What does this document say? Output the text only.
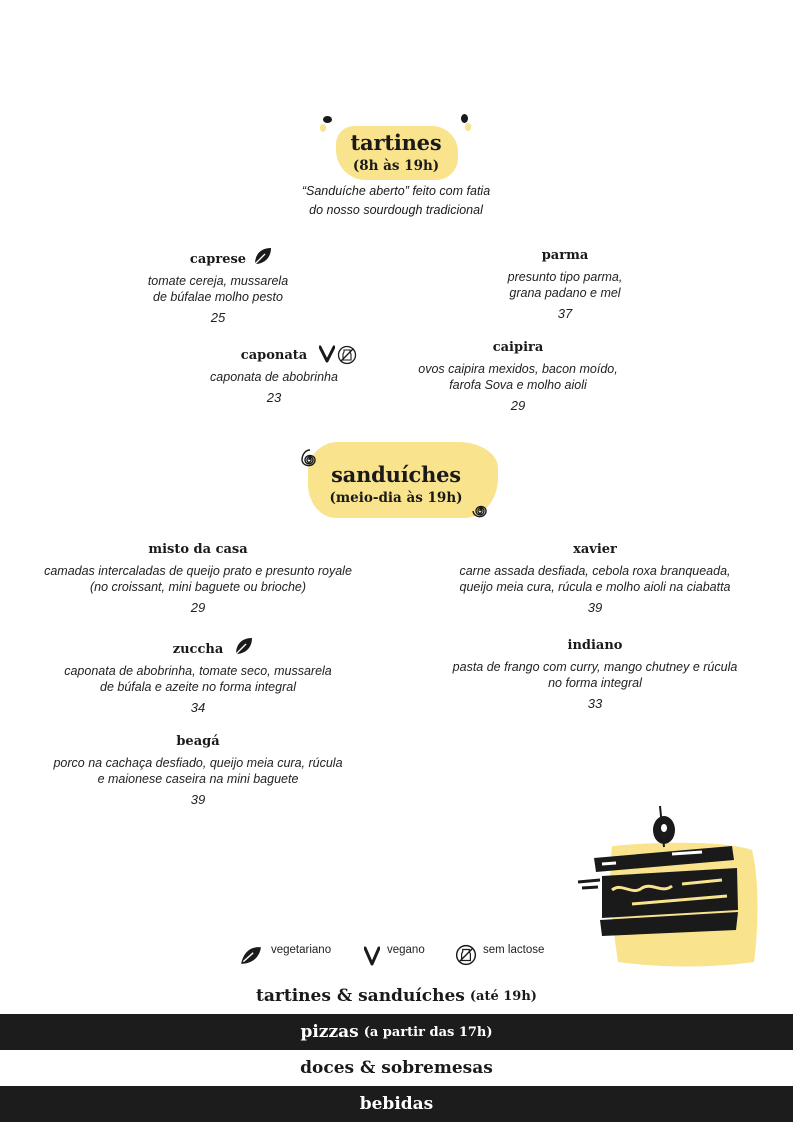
tartines
(8h às 19h)
“Sanduíche aberto” feito com fatia
do nosso sourdough tradicional
caprese
tomate cereja, mussarela
de búfalae molho pesto
25
parma
presunto tipo parma,
grana padano e mel
37
caponata
caponata de abobrinha
23
caipira
ovos caipira mexidos, bacon moído,
farofa Sova e molho aioli
29
sanduíches
(meio-dia às 19h)
misto da casa
camadas intercaladas de queijo prato e presunto royale
(no croissant, mini baguete ou brioche)
29
xavier
carne assada desfiada, cebola roxa branqueada,
queijo meia cura, rúcula e molho aioli na ciabatta
39
zuccha
caponata de abobrinha, tomate seco, mussarela
de búfala e azeite no forma integral
34
indiano
pasta de frango com curry, mango chutney e rúcula
no forma integral
33
beagá
porco na cachaça desfiado, queijo meia cura, rúcula
e maionese caseira na mini baguete
39
vegetariano	vegano	sem lactose
tartines & sanduíches (até 19h)
pizzas (a partir das 17h)
doces & sobremesas
bebidas
